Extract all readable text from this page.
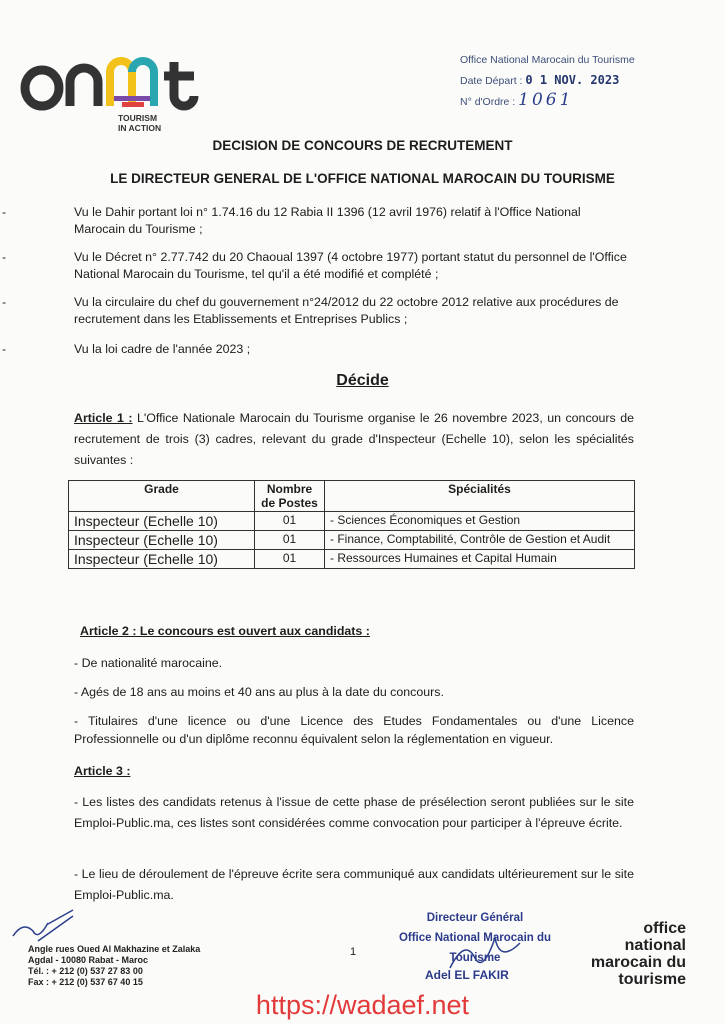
TOURISM
IN ACTION
Office National Marocain du Tourisme
Date Départ : 0 1 NOV. 2023
N° d'Ordre : 1061
DECISION DE CONCOURS DE RECRUTEMENT
LE DIRECTEUR GENERAL DE L'OFFICE NATIONAL MAROCAIN DU TOURISME
-	Vu le Dahir portant loi n° 1.74.16 du 12 Rabia II 1396 (12 avril 1976) relatif à l'Office National Marocain du Tourisme ;
-	Vu le Décret n° 2.77.742 du 20 Chaoual 1397 (4 octobre 1977) portant statut du personnel de l'Office National Marocain du Tourisme, tel qu'il a été modifié et complété ;
-	Vu la circulaire du chef du gouvernement n°24/2012 du 22 octobre 2012 relative aux procédures de recrutement dans les Etablissements et Entreprises Publics ;
-	Vu la loi cadre de l'année 2023 ;
Décide
Article 1 : L'Office Nationale Marocain du Tourisme organise le 26 novembre 2023, un concours de recrutement de trois (3) cadres, relevant du grade d'Inspecteur (Echelle 10), selon les spécialités suivantes :
Grade	Nombre de Postes	Spécialités
Inspecteur (Echelle 10)	01	- Sciences Économiques et Gestion
Inspecteur (Echelle 10)	01	- Finance, Comptabilité, Contrôle de Gestion et Audit
Inspecteur (Echelle 10)	01	- Ressources Humaines et Capital Humain
Article 2 : Le concours est ouvert aux candidats :
- De nationalité marocaine.
- Agés de 18 ans au moins et 40 ans au plus à la date du concours.
- Titulaires d'une licence ou d'une Licence des Etudes Fondamentales ou d'une Licence Professionnelle ou d'un diplôme reconnu équivalent selon la réglementation en vigueur.
Article 3 :
- Les listes des candidats retenus à l'issue de cette phase de présélection seront publiées sur le site Emploi-Public.ma, ces listes sont considérées comme convocation pour participer à l'épreuve écrite.
- Le lieu de déroulement de l'épreuve écrite sera communiqué aux candidats ultérieurement sur le site Emploi-Public.ma.
Angle rues Oued Al Makhazine et Zalaka
Agdal - 10080 Rabat - Maroc
Tél. : + 212 (0) 537 27 83 00
Fax : + 212 (0) 537 67 40 15
1
Directeur Général
Office National Marocain du Tourisme
Adel EL FAKIR
office
national
marocain du
tourisme
https://wadaef.net
